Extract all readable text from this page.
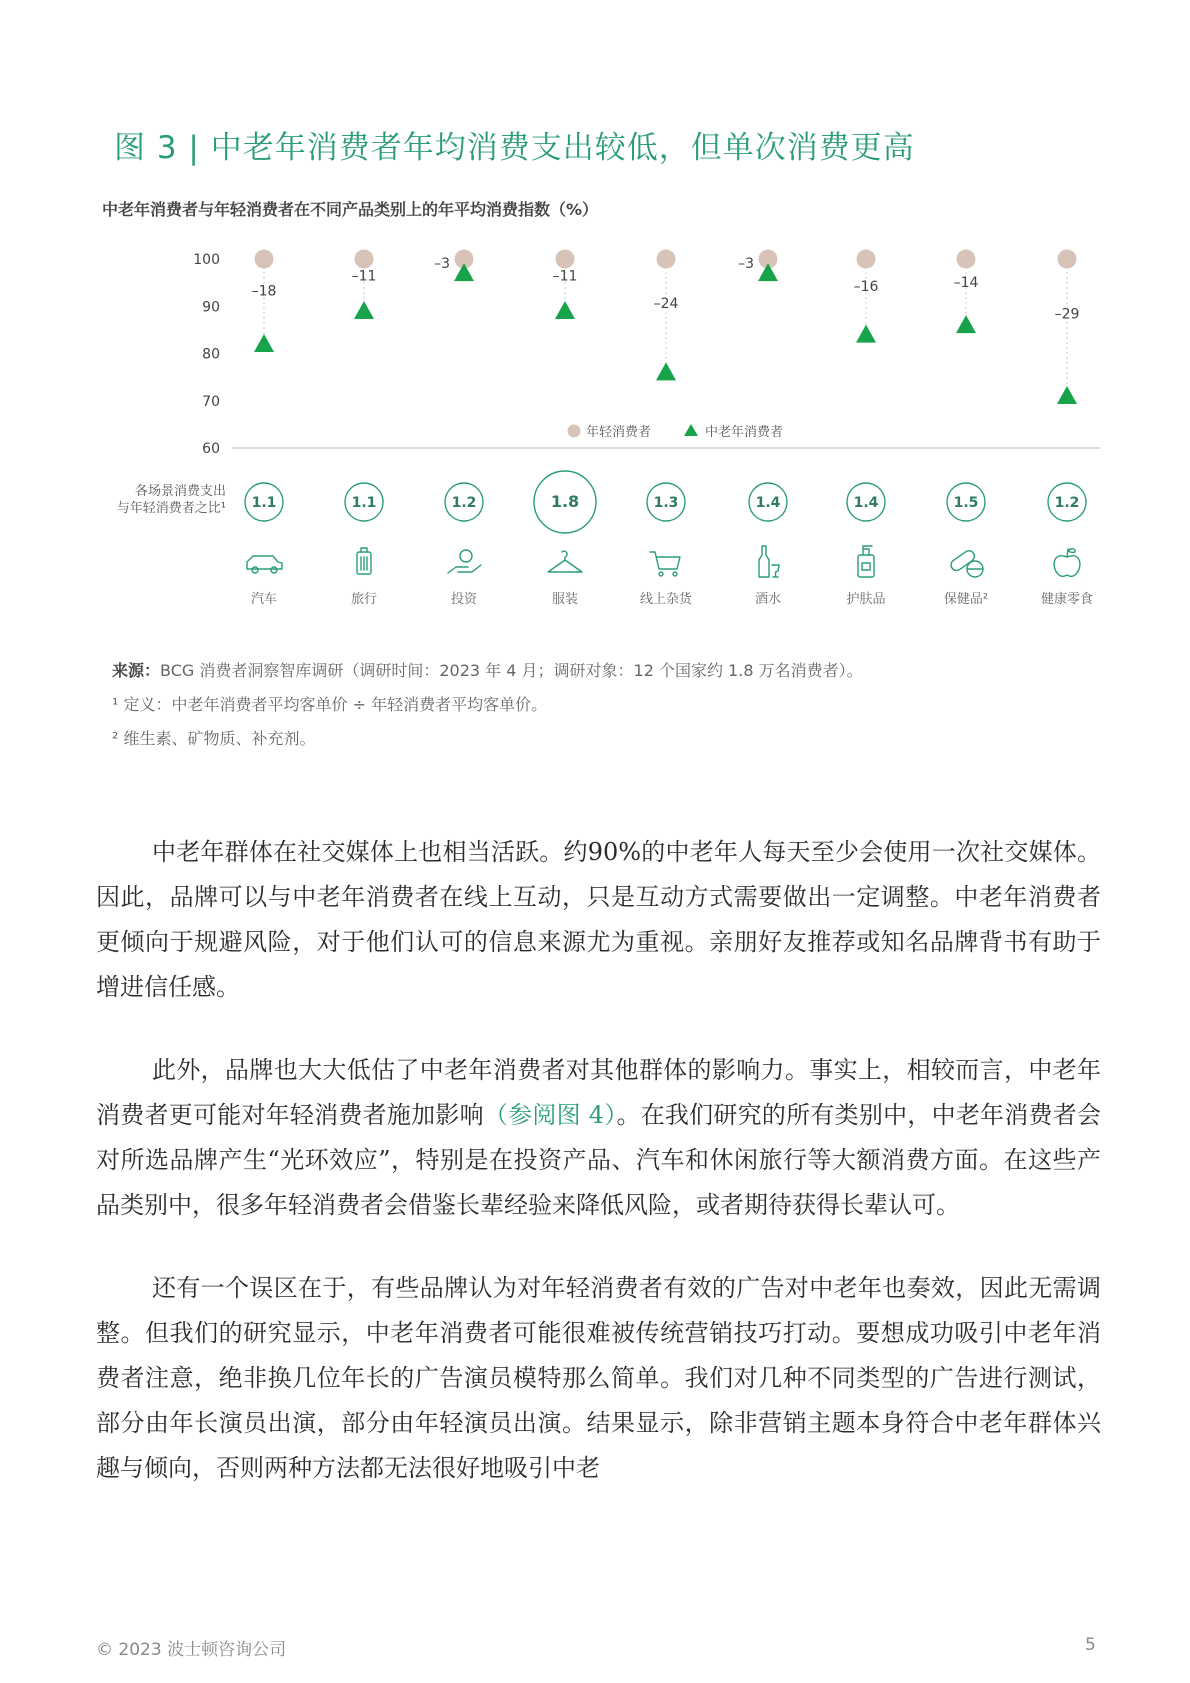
图 3 | 中老年消费者年均消费支出较低，但单次消费更高
中老年消费者与年轻消费者在不同产品类别上的年平均消费指数（%）
100
90
80
70
60
–18
1.1
汽车
–11
1.1
旅行
–3
1.2
投资
–11
1.8
服装
–24
1.3
线上杂货
–3
1.4
酒水
–16
1.4
护肤品
–14
1.5
保健品²
–29
1.2
健康零食
年轻消费者	中老年消费者
各场景消费支出
与年轻消费者之比¹

来源：BCG 消费者洞察智库调研（调研时间：2023 年 4 月；调研对象：12 个国家约 1.8 万名消费者）。

¹ 定义：中老年消费者平均客单价 ÷ 年轻消费者平均客单价。

² 维生素、矿物质、补充剂。

中老年群体在社交媒体上也相当活跃。约90%的中老年人每天至少会使用一次社交媒体。因此，品牌可以与中老年消费者在线上互动，只是互动方式需要做出一定调整。中老年消费者更倾向于规避风险，对于他们认可的信息来源尤为重视。亲朋好友推荐或知名品牌背书有助于增进信任感。

此外，品牌也大大低估了中老年消费者对其他群体的影响力。事实上，相较而言，中老年消费者更可能对年轻消费者施加影响（参阅图 4）。在我们研究的所有类别中，中老年消费者会对所选品牌产生“光环效应”，特别是在投资产品、汽车和休闲旅行等大额消费方面。在这些产品类别中，很多年轻消费者会借鉴长辈经验来降低风险，或者期待获得长辈认可。

还有一个误区在于，有些品牌认为对年轻消费者有效的广告对中老年也奏效，因此无需调整。但我们的研究显示，中老年消费者可能很难被传统营销技巧打动。要想成功吸引中老年消费者注意，绝非换几位年长的广告演员模特那么简单。我们对几种不同类型的广告进行测试，部分由年长演员出演，部分由年轻演员出演。结果显示，除非营销主题本身符合中老年群体兴趣与倾向，否则两种方法都无法很好地吸引中老

© 2023 波士顿咨询公司	5
